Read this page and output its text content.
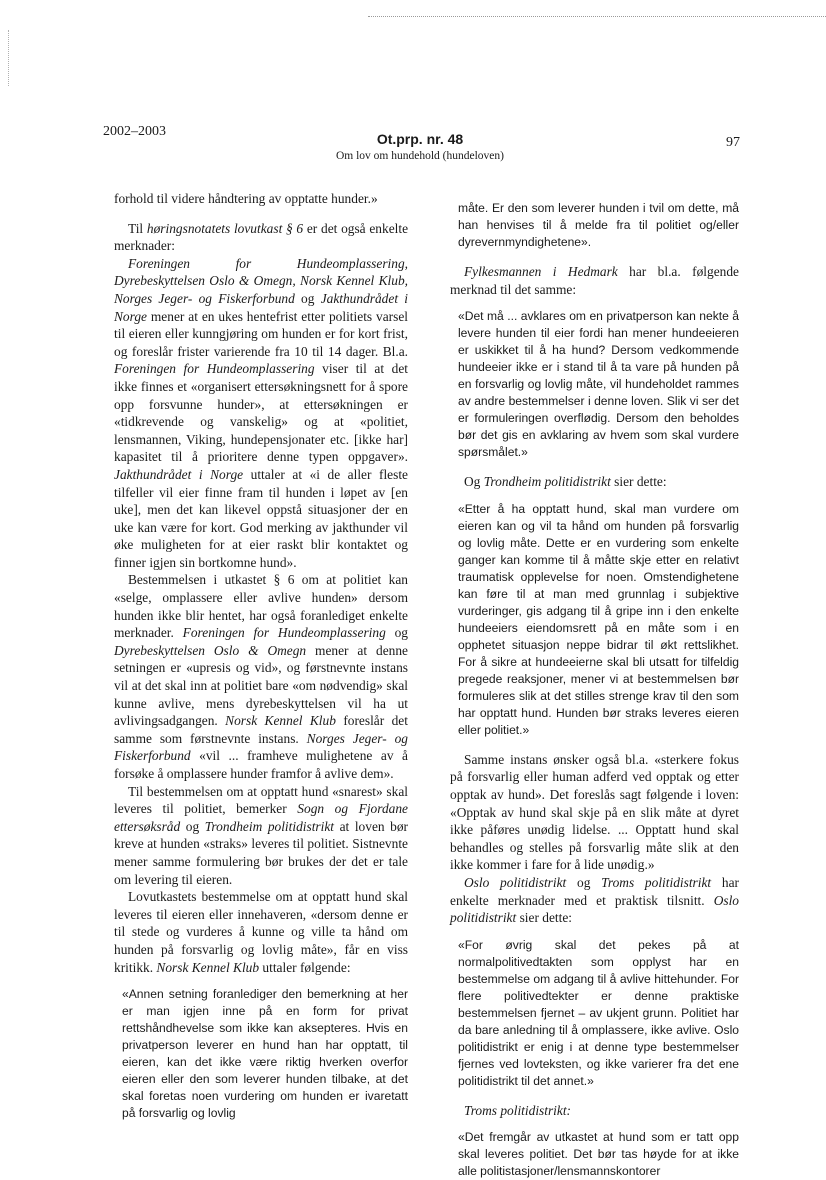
2002–2003	Ot.prp. nr. 48
Om lov om hundehold (hundeloven)
97

forhold til videre håndtering av opptatte hunder.»

Til høringsnotatets lovutkast § 6 er det også enkelte merknader:

Foreningen for Hundeomplassering, Dyrebeskyttelsen Oslo & Omegn, Norsk Kennel Klub, Norges Jeger- og Fiskerforbund og Jakthundrådet i Norge mener at en ukes hentefrist etter politiets varsel til eieren eller kunngjøring om hunden er for kort frist, og foreslår frister varierende fra 10 til 14 dager. Bl.a. Foreningen for Hundeomplassering viser til at det ikke finnes et «organisert ettersøkningsnett for å spore opp forsvunne hunder», at ettersøkningen er «tidkrevende og vanskelig» og at «politiet, lensmannen, Viking, hundepensjonater etc. [ikke har] kapasitet til å prioritere denne typen oppgaver». Jakthundrådet i Norge uttaler at «i de aller fleste tilfeller vil eier finne fram til hunden i løpet av [en uke], men det kan likevel oppstå situasjoner der en uke kan være for kort. God merking av jakthunder vil øke muligheten for at eier raskt blir kontaktet og finner igjen sin bortkomne hund».

Bestemmelsen i utkastet § 6 om at politiet kan «selge, omplassere eller avlive hunden» dersom hunden ikke blir hentet, har også foranlediget enkelte merknader. Foreningen for Hundeomplassering og Dyrebeskyttelsen Oslo & Omegn mener at denne setningen er «upresis og vid», og førstnevnte instans vil at det skal inn at politiet bare «om nødvendig» skal kunne avlive, mens dyrebeskyttelsen vil ha ut avlivingsadgangen. Norsk Kennel Klub foreslår det samme som førstnevnte instans. Norges Jeger- og Fiskerforbund «vil ... framheve mulighetene av å forsøke å omplassere hunder framfor å avlive dem».

Til bestemmelsen om at opptatt hund «snarest» skal leveres til politiet, bemerker Sogn og Fjordane ettersøksråd og Trondheim politidistrikt at loven bør kreve at hunden «straks» leveres til politiet. Sistnevnte mener samme formulering bør brukes der det er tale om levering til eieren.

Lovutkastets bestemmelse om at opptatt hund skal leveres til eieren eller innehaveren, «dersom denne er til stede og vurderes å kunne og ville ta hånd om hunden på forsvarlig og lovlig måte», får en viss kritikk. Norsk Kennel Klub uttaler følgende:

«Annen setning foranlediger den bemerkning at her er man igjen inne på en form for privat rettshåndhevelse som ikke kan aksepteres. Hvis en privatperson leverer en hund han har opptatt, til eieren, kan det ikke være riktig hverken overfor eieren eller den som leverer hunden tilbake, at det skal foretas noen vurdering om hunden er ivaretatt på forsvarlig og lovlig
måte. Er den som leverer hunden i tvil om dette, må han henvises til å melde fra til politiet og/eller dyrevernmyndighetene».

Fylkesmannen i Hedmark har bl.a. følgende merknad til det samme:

«Det må ... avklares om en privatperson kan nekte å levere hunden til eier fordi han mener hundeeieren er uskikket til å ha hund? Dersom vedkommende hundeeier ikke er i stand til å ta vare på hunden på en forsvarlig og lovlig måte, vil hundeholdet rammes av andre bestemmelser i denne loven. Slik vi ser det er formuleringen overflødig. Dersom den beholdes bør det gis en avklaring av hvem som skal vurdere spørsmålet.»

Og Trondheim politidistrikt sier dette:

«Etter å ha opptatt hund, skal man vurdere om eieren kan og vil ta hånd om hunden på forsvarlig og lovlig måte. Dette er en vurdering som enkelte ganger kan komme til å måtte skje etter en relativt traumatisk opplevelse for noen. Omstendighetene kan føre til at man med grunnlag i subjektive vurderinger, gis adgang til å gripe inn i den enkelte hundeeiers eiendomsrett på en måte som i en opphetet situasjon neppe bidrar til økt rettslikhet. For å sikre at hundeeierne skal bli utsatt for tilfeldig pregede reaksjoner, mener vi at bestemmelsen bør formuleres slik at det stilles strenge krav til den som har opptatt hund. Hunden bør straks leveres eieren eller politiet.»

Samme instans ønsker også bl.a. «sterkere fokus på forsvarlig eller human adferd ved opptak og etter opptak av hund». Det foreslås sagt følgende i loven: «Opptak av hund skal skje på en slik måte at dyret ikke påføres unødig lidelse. ... Opptatt hund skal behandles og stelles på forsvarlig måte slik at den ikke kommer i fare for å lide unødig.»

Oslo politidistrikt og Troms politidistrikt har enkelte merknader med et praktisk tilsnitt. Oslo politidistrikt sier dette:

«For øvrig skal det pekes på at normalpolitivedtakten som opplyst har en bestemmelse om adgang til å avlive hittehunder. For flere politivedtekter er denne praktiske bestemmelsen fjernet – av ukjent grunn. Politiet har da bare anledning til å omplassere, ikke avlive. Oslo politidistrikt er enig i at denne type bestemmelser fjernes ved lovteksten, og ikke varierer fra det ene politidistrikt til det annet.»

Troms politidistrikt:

«Det fremgår av utkastet at hund som er tatt opp skal leveres politiet. Det bør tas høyde for at ikke alle politistasjoner/lensmannskontorer
